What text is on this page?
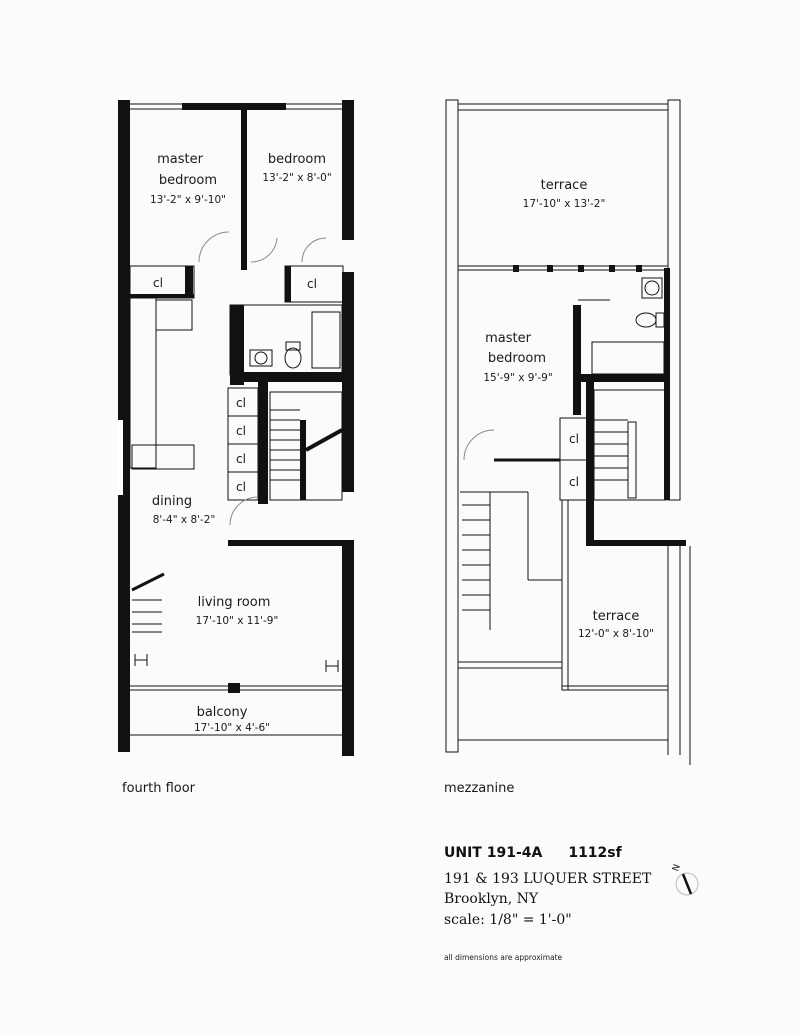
master
bedroom
13'-2" x 9'-10"
bedroom
13'-2" x 8'-0"
cl	cl
cl
cl
cl
cl
dining
8'-4" x 8'-2"
living room
17'-10" x 11'-9"
balcony
17'-10" x 4'-6"
terrace
17'-10" x 13'-2"
master
bedroom
15'-9" x 9'-9"
cl
cl
terrace
12'-0" x 8'-10"
N
fourth floor	mezzanine
UNIT 191-4A 1112sf
191 & 193 LUQUER STREET
Brooklyn, NY
scale: 1/8" = 1'-0"
all dimensions are approximate
